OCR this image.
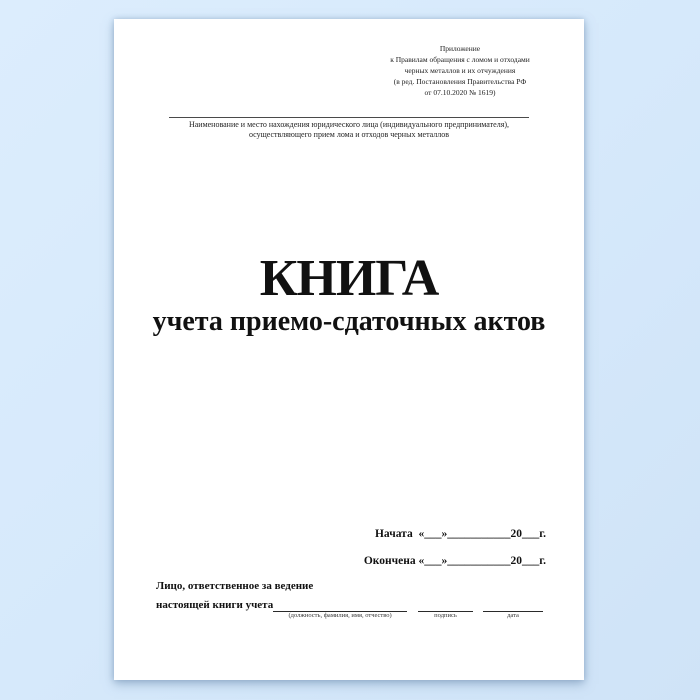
Приложение
к Правилам обращения с ломом и отходами
черных металлов и их отчуждения
(в ред. Постановления Правительства РФ
от 07.10.2020 № 1619)
Наименование и место нахождения юридического лица (индивидуального предпринимателя),
осуществляющего прием лома и отходов черных металлов
КНИГА
учета приемо-сдаточных актов
Начата  «___»___________20___г.
Окончена «___»___________20___г.
Лицо, ответственное за ведение
настоящей книги учета
(должность, фамилия, имя, отчество)	подпись	дата
